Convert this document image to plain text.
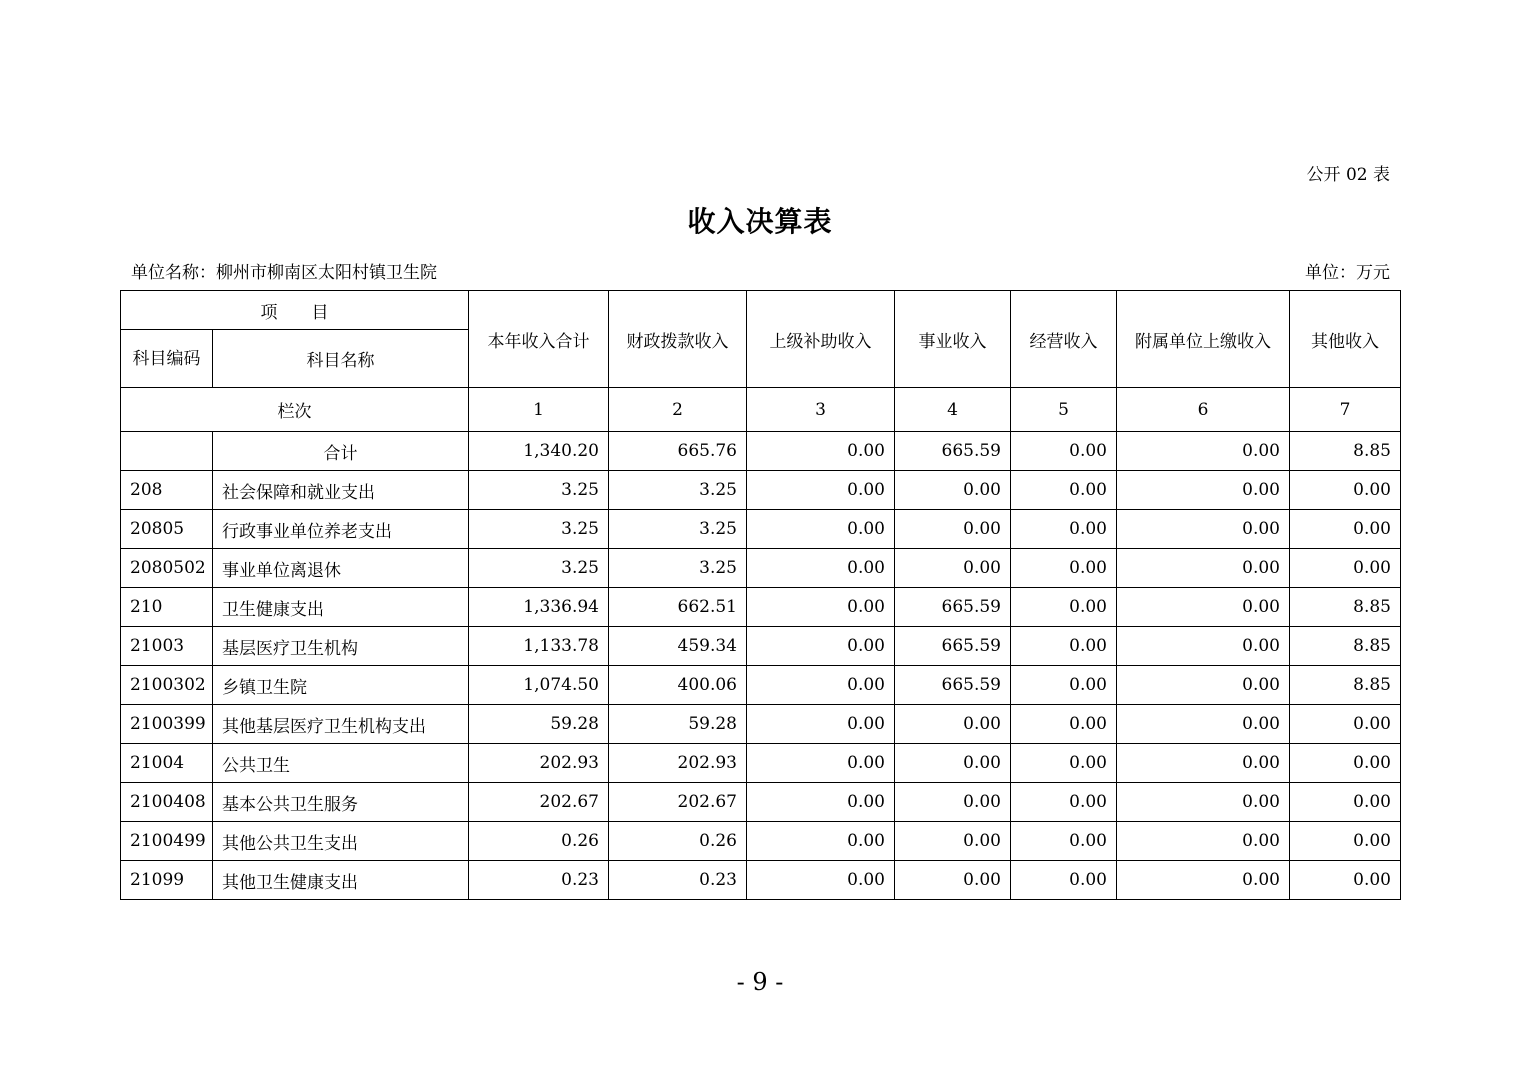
公开 02 表
收入决算表
单位名称：柳州市柳南区太阳村镇卫生院	单位：万元
项　　目		本年收入合计	财政拨款收入	上级补助收入	事业收入	经营收入	附属单位上缴收入	其他收入
科目编码	科目名称							
栏次		1	2	3	4	5	6	7
	合计	1,340.20	665.76	0.00	665.59	0.00	0.00	8.85
208	社会保障和就业支出	3.25	3.25	0.00	0.00	0.00	0.00	0.00
20805	行政事业单位养老支出	3.25	3.25	0.00	0.00	0.00	0.00	0.00
2080502	事业单位离退休	3.25	3.25	0.00	0.00	0.00	0.00	0.00
210	卫生健康支出	1,336.94	662.51	0.00	665.59	0.00	0.00	8.85
21003	基层医疗卫生机构	1,133.78	459.34	0.00	665.59	0.00	0.00	8.85
2100302	乡镇卫生院	1,074.50	400.06	0.00	665.59	0.00	0.00	8.85
2100399	其他基层医疗卫生机构支出	59.28	59.28	0.00	0.00	0.00	0.00	0.00
21004	公共卫生	202.93	202.93	0.00	0.00	0.00	0.00	0.00
2100408	基本公共卫生服务	202.67	202.67	0.00	0.00	0.00	0.00	0.00
2100499	其他公共卫生支出	0.26	0.26	0.00	0.00	0.00	0.00	0.00
21099	其他卫生健康支出	0.23	0.23	0.00	0.00	0.00	0.00	0.00
- 9 -
